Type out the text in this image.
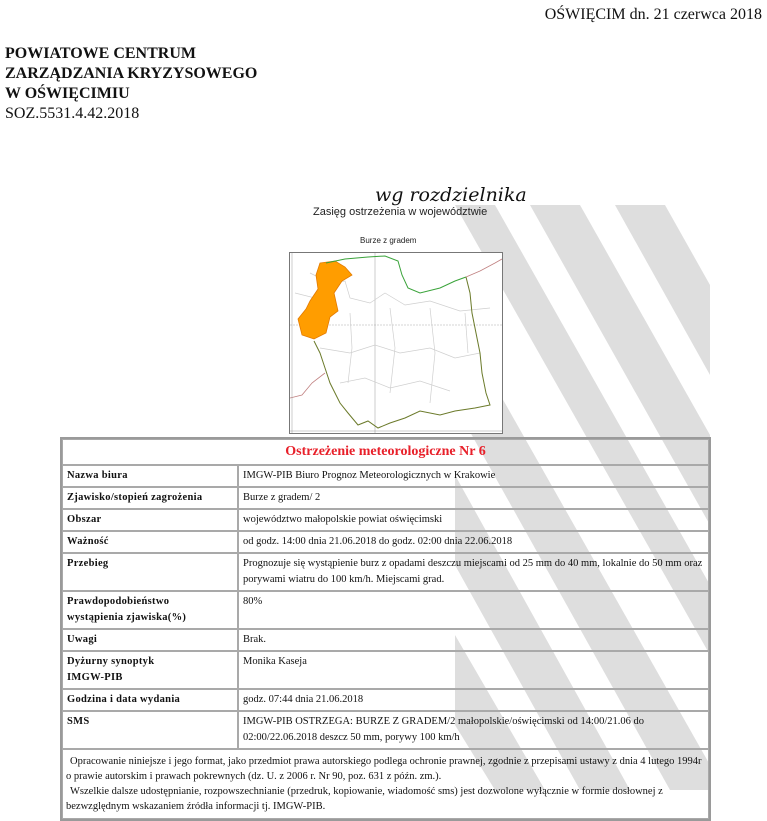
OŚWIĘCIM dn. 21 czerwca 2018
POWIATOWE CENTRUM
ZARZĄDZANIA KRYZYSOWEGO
W OŚWIĘCIMIU
SOZ.5531.4.42.2018
wg rozdzielnika
Zasięg ostrzeżenia w województwie
Burze z gradem
Ostrzeżenie meteorologiczne Nr 6	
Nazwa biura	IMGW-PIB Biuro Prognoz Meteorologicznych w Krakowie
Zjawisko/stopień zagrożenia	Burze z gradem/ 2
Obszar	województwo małopolskie powiat oświęcimski
Ważność	od godz. 14:00 dnia 21.06.2018 do godz. 02:00 dnia 22.06.2018
Przebieg	Prognozuje się wystąpienie burz z opadami deszczu miejscami od 25 mm do 40 mm, lokalnie do 50 mm oraz porywami wiatru do 100 km/h. Miejscami grad.

Prawdopodobieństwo
wystąpienia zjawiska(%)	80%
Uwagi	Brak.

Dyżurny synoptyk
IMGW-PIB	Monika Kaseja
Godzina i data wydania	godz. 07:44 dnia 21.06.2018
SMS	IMGW-PIB OSTRZEGA: BURZE Z GRADEM/2 małopolskie/oświęcimski od 14:00/21.06 do 02:00/22.06.2018 deszcz 50 mm, porywy 100 km/h

Opracowanie niniejsze i jego format, jako przedmiot prawa autorskiego podlega ochronie prawnej, zgodnie z przepisami ustawy z dnia 4 lutego 1994r o prawie autorskim i prawach pokrewnych (dz. U. z 2006 r. Nr 90, poz. 631 z późn. zm.).
Wszelkie dalsze udostępnianie, rozpowszechnianie (przedruk, kopiowanie, wiadomość sms) jest dozwolone wyłącznie w formie dosłownej z bezwzględnym wskazaniem źródła informacji tj. IMGW-PIB.	
